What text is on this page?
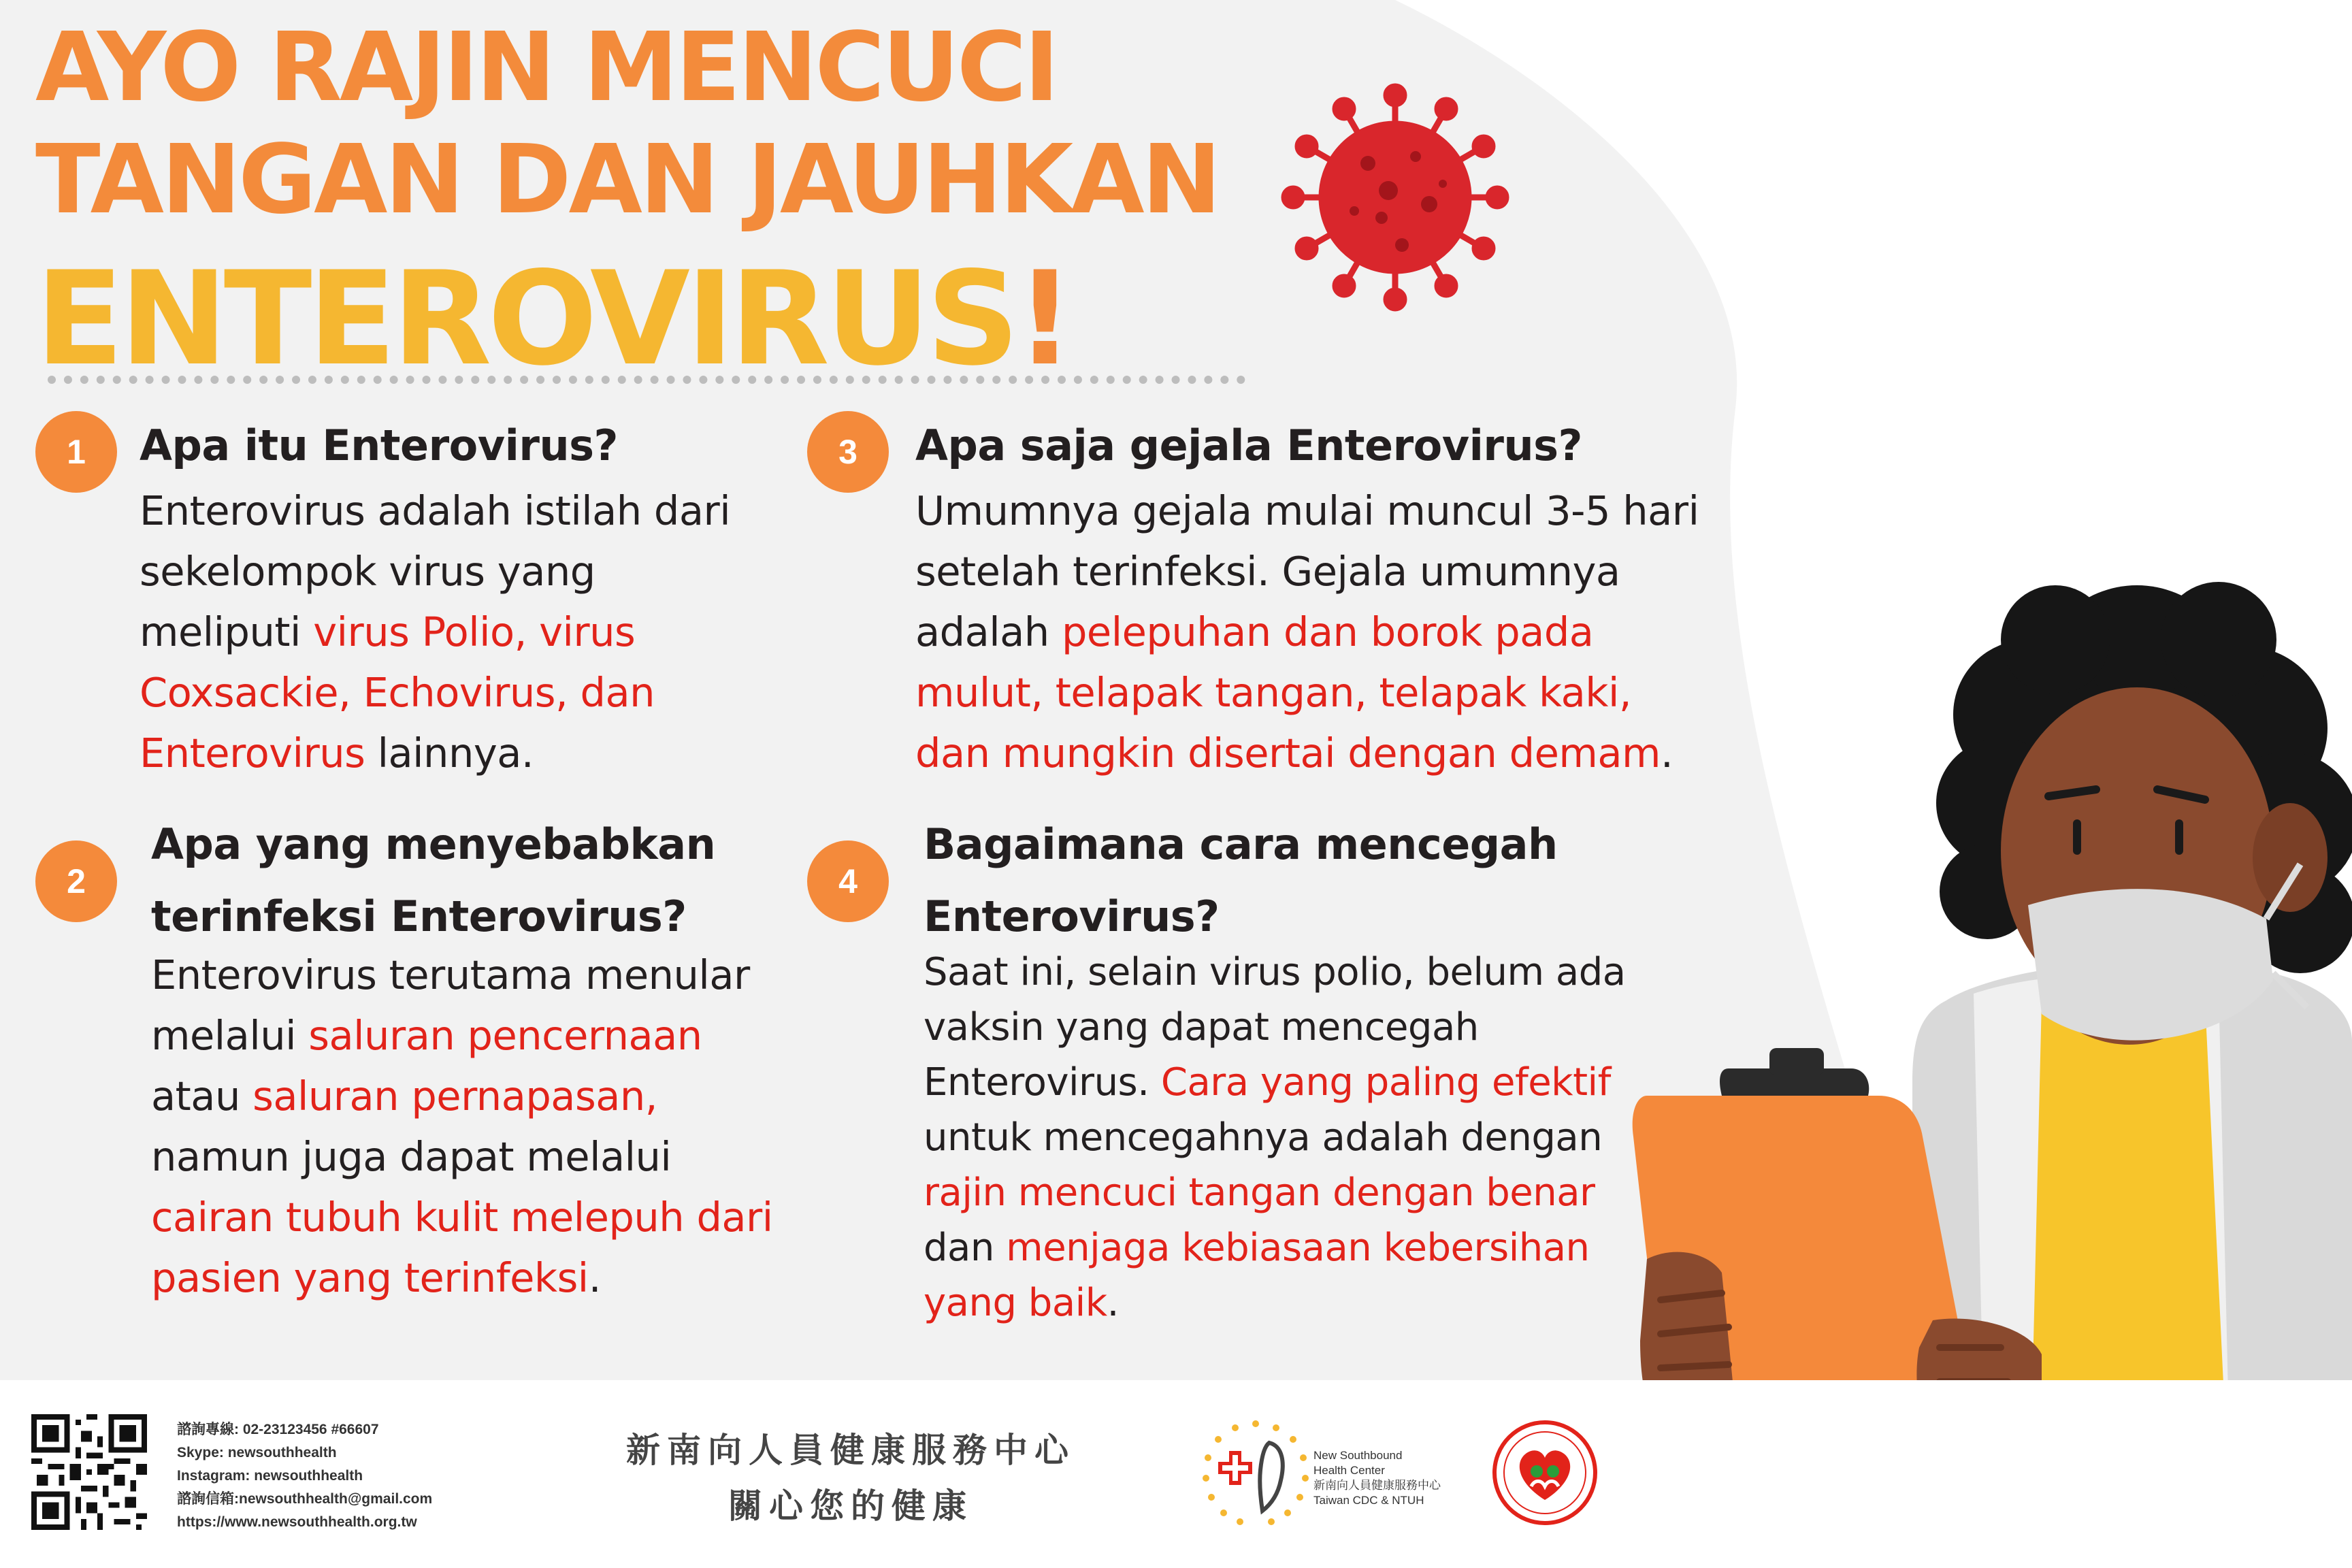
AYO RAJIN MENCUCI
TANGAN DAN JAUHKAN
ENTEROVIRUS!
1	Apa itu Enterovirus?
Enterovirus adalah istilah dari
sekelompok virus yang
meliputi virus Polio, virus
Coxsackie, Echovirus, dan
Enterovirus lainnya.
2
Apa yang menyebabkan
terinfeksi Enterovirus?
Enterovirus terutama menular
melalui saluran pencernaan
atau saluran pernapasan,
namun juga dapat melalui
cairan tubuh kulit melepuh dari
pasien yang terinfeksi.
3	Apa saja gejala Enterovirus?
Umumnya gejala mulai muncul 3-5 hari
setelah terinfeksi. Gejala umumnya
adalah pelepuhan dan borok pada
mulut, telapak tangan, telapak kaki,
dan mungkin disertai dengan demam.
4
Bagaimana cara mencegah
Enterovirus?
Saat ini, selain virus polio, belum ada
vaksin yang dapat mencegah
Enterovirus. Cara yang paling efektif
untuk mencegahnya adalah dengan
rajin mencuci tangan dengan benar
dan menjaga kebiasaan kebersihan
yang baik.
諮詢專線: 02-23123456 #66607
Skype: newsouthhealth
Instagram: newsouthhealth
諮詢信箱:newsouthhealth@gmail.com
https://www.newsouthhealth.org.tw
新南向人員健康服務中心
關心您的健康
New Southbound
Health Center
新南向人員健康服務中心
Taiwan CDC & NTUH
